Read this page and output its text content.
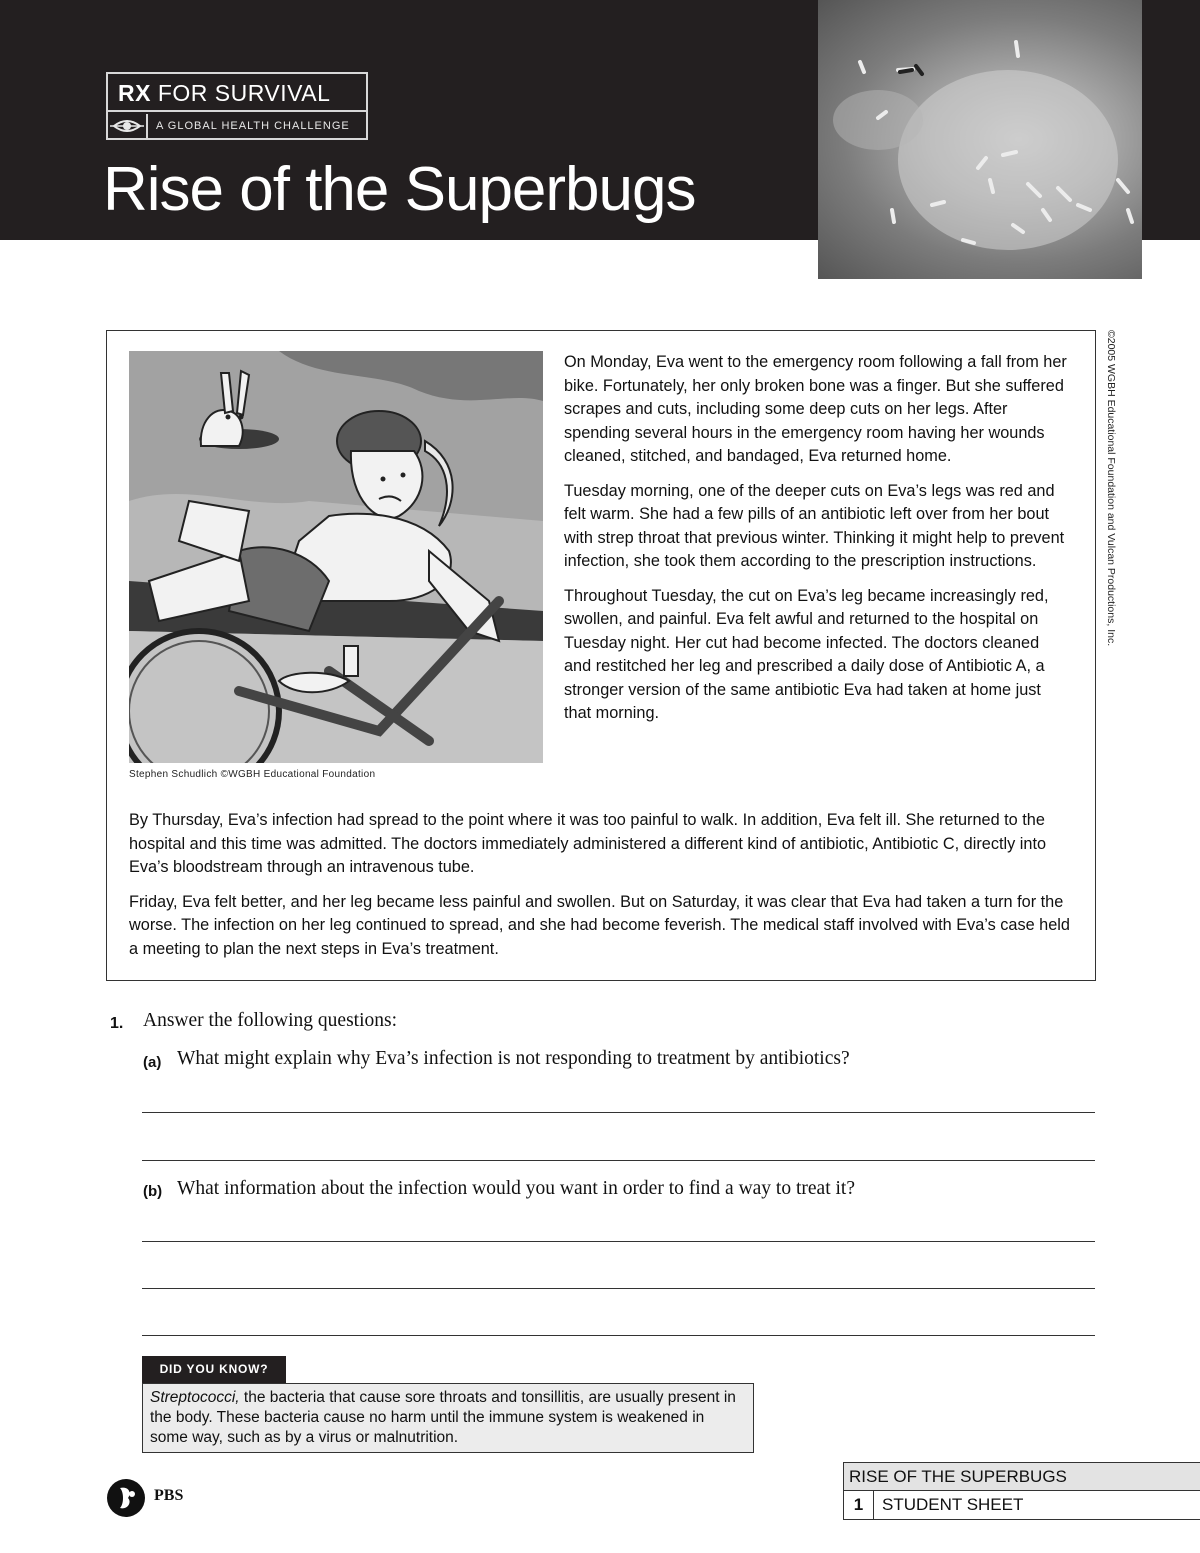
RX FOR SURVIVAL
A GLOBAL HEALTH CHALLENGE
Rise of the Superbugs
Stephen Schudlich ©WGBH Educational Foundation

On Monday, Eva went to the emergency room following a fall from her bike. Fortunately, her only broken bone was a finger. But she suffered scrapes and cuts, including some deep cuts on her legs. After spending several hours in the emergency room having her wounds cleaned, stitched, and bandaged, Eva returned home.

Tuesday morning, one of the deeper cuts on Eva’s legs was red and felt warm. She had a few pills of an antibiotic left over from her bout with strep throat that previous winter. Thinking it might help to prevent infection, she took them according to the prescription instructions.

Throughout Tuesday, the cut on Eva’s leg became increasingly red, swollen, and painful. Eva felt awful and returned to the hospital on Tuesday night. Her cut had become infected. The doctors cleaned and restitched her leg and prescribed a daily dose of Antibiotic A, a stronger version of the same antibiotic Eva had taken at home just that morning.

By Thursday, Eva’s infection had spread to the point where it was too painful to walk. In addition, Eva felt ill. She returned to the hospital and this time was admitted. The doctors immediately administered a different kind of antibiotic, Antibiotic C, directly into Eva’s bloodstream through an intravenous tube.

Friday, Eva felt better, and her leg became less painful and swollen. But on Saturday, it was clear that Eva had taken a turn for the worse. The infection on her leg continued to spread, and she had become feverish. The medical staff involved with Eva’s case held a meeting to plan the next steps in Eva’s treatment.

©2005 WGBH Educational Foundation and Vulcan Productions, Inc.
1. Answer the following questions:
(a) What might explain why Eva’s infection is not responding to treatment by antibiotics?
(b) What information about the infection would you want in order to find a way to treat it?
DID YOU KNOW?
Streptococci, the bacteria that cause sore throats and tonsillitis, are usually present in the body. These bacteria cause no harm until the immune system is weakened in some way, such as by a virus or malnutrition.
PBS
RISE OF THE SUPERBUGS
1	STUDENT SHEET
